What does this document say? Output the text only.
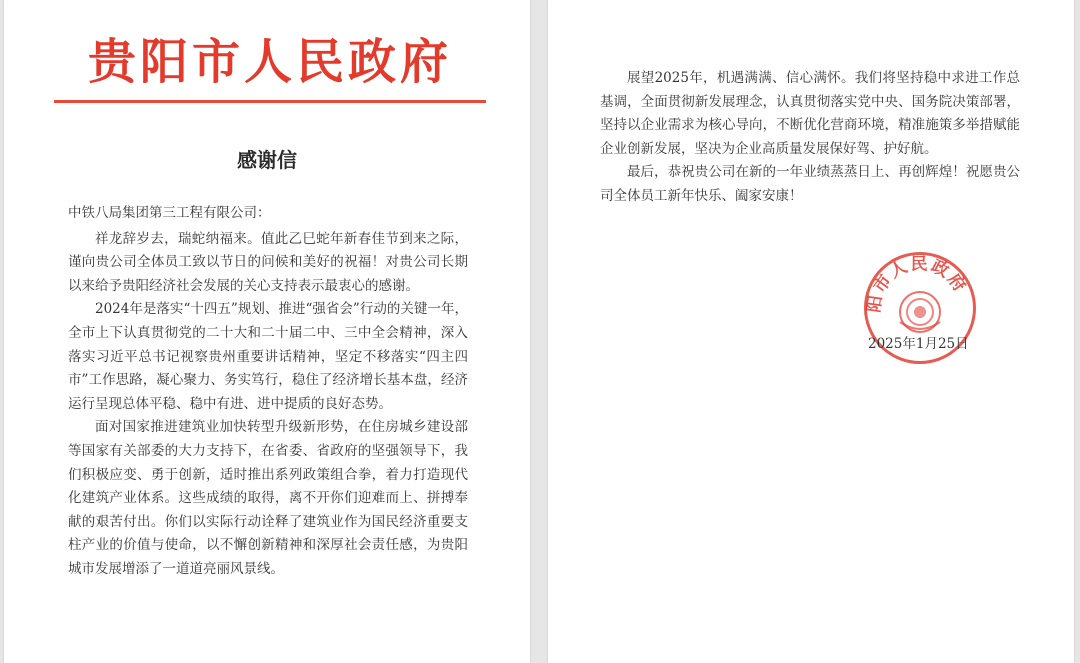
贵阳市人民政府
感谢信

中铁八局集团第三工程有限公司：

祥龙辞岁去，瑞蛇纳福来。值此乙巳蛇年新春佳节到来之际，谨向贵公司全体员工致以节日的问候和美好的祝福！对贵公司长期以来给予贵阳经济社会发展的关心支持表示最衷心的感谢。

2024年是落实“十四五”规划、推进“强省会”行动的关键一年，全市上下认真贯彻党的二十大和二十届二中、三中全会精神，深入落实习近平总书记视察贵州重要讲话精神，坚定不移落实“四主四市”工作思路，凝心聚力、务实笃行，稳住了经济增长基本盘，经济运行呈现总体平稳、稳中有进、进中提质的良好态势。

面对国家推进建筑业加快转型升级新形势，在住房城乡建设部等国家有关部委的大力支持下，在省委、省政府的坚强领导下，我们积极应变、勇于创新，适时推出系列政策组合拳，着力打造现代化建筑产业体系。这些成绩的取得，离不开你们迎难而上、拼搏奉献的艰苦付出。你们以实际行动诠释了建筑业作为国民经济重要支柱产业的价值与使命，以不懈创新精神和深厚社会责任感，为贵阳城市发展增添了一道道亮丽风景线。

展望2025年，机遇满满、信心满怀。我们将坚持稳中求进工作总基调，全面贯彻新发展理念，认真贯彻落实党中央、国务院决策部署，坚持以企业需求为核心导向，不断优化营商环境，精准施策多举措赋能企业创新发展，坚决为企业高质量发展保好驾、护好航。

最后，恭祝贵公司在新的一年业绩蒸蒸日上、再创辉煌！祝愿贵公司全体员工新年快乐、阖家安康！

阳市人民政府
2025年1月25日
